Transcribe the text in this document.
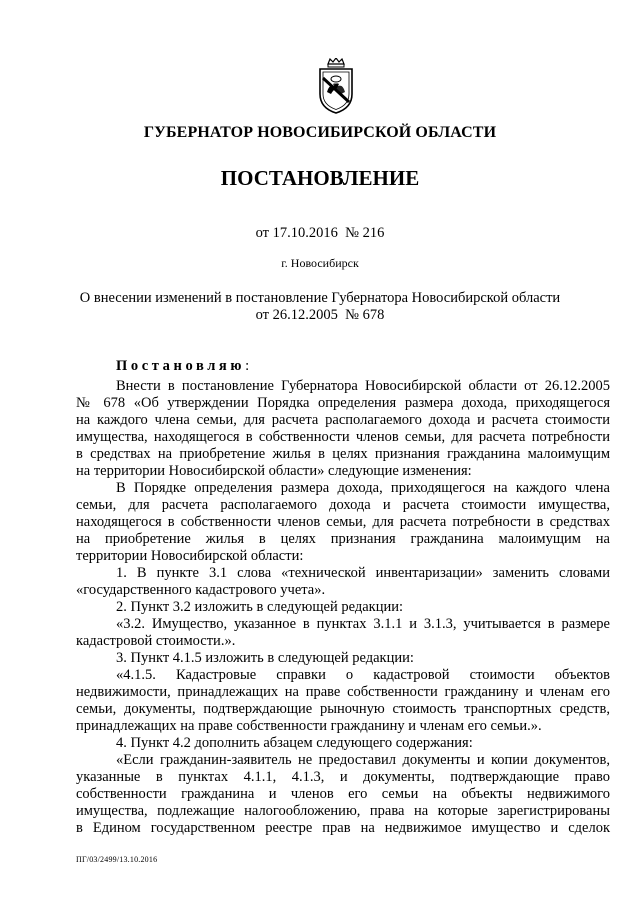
ГУБЕРНАТОР НОВОСИБИРСКОЙ ОБЛАСТИ
ПОСТАНОВЛЕНИЕ
от 17.10.2016  № 216
г. Новосибирск
О внесении изменений в постановление Губернатора Новосибирской области
от 26.12.2005  № 678
Постановляю:
Внести в постановление Губернатора Новосибирской области от 26.12.2005
№ 678 «Об утверждении Порядка определения размера дохода, приходящегося
на каждого члена семьи, для расчета располагаемого дохода и расчета стоимости
имущества, находящегося в собственности членов семьи, для расчета потребности
в средствах на приобретение жилья в целях признания гражданина малоимущим
на территории Новосибирской области» следующие изменения:
В Порядке определения размера дохода, приходящегося на каждого члена
семьи, для расчета располагаемого дохода и расчета стоимости имущества,
находящегося в собственности членов семьи, для расчета потребности в средствах
на приобретение жилья в целях признания гражданина малоимущим на
территории Новосибирской области:
1. В пункте 3.1 слова «технической инвентаризации» заменить словами
«государственного кадастрового учета».
2. Пункт 3.2 изложить в следующей редакции:
«3.2. Имущество, указанное в пунктах 3.1.1 и 3.1.3, учитывается в размере
кадастровой стоимости.».
3. Пункт 4.1.5 изложить в следующей редакции:
«4.1.5. Кадастровые справки о кадастровой стоимости объектов
недвижимости, принадлежащих на праве собственности гражданину и членам его
семьи, документы, подтверждающие рыночную стоимость транспортных средств,
принадлежащих на праве собственности гражданину и членам его семьи.».
4. Пункт 4.2 дополнить абзацем следующего содержания:
«Если гражданин-заявитель не предоставил документы и копии документов,
указанные в пунктах 4.1.1, 4.1.3, и документы, подтверждающие право
собственности гражданина и членов его семьи на объекты недвижимого
имущества, подлежащие налогообложению, права на которые зарегистрированы
в Едином государственном реестре прав на недвижимое имущество и сделок
ПГ/03/2499/13.10.2016
